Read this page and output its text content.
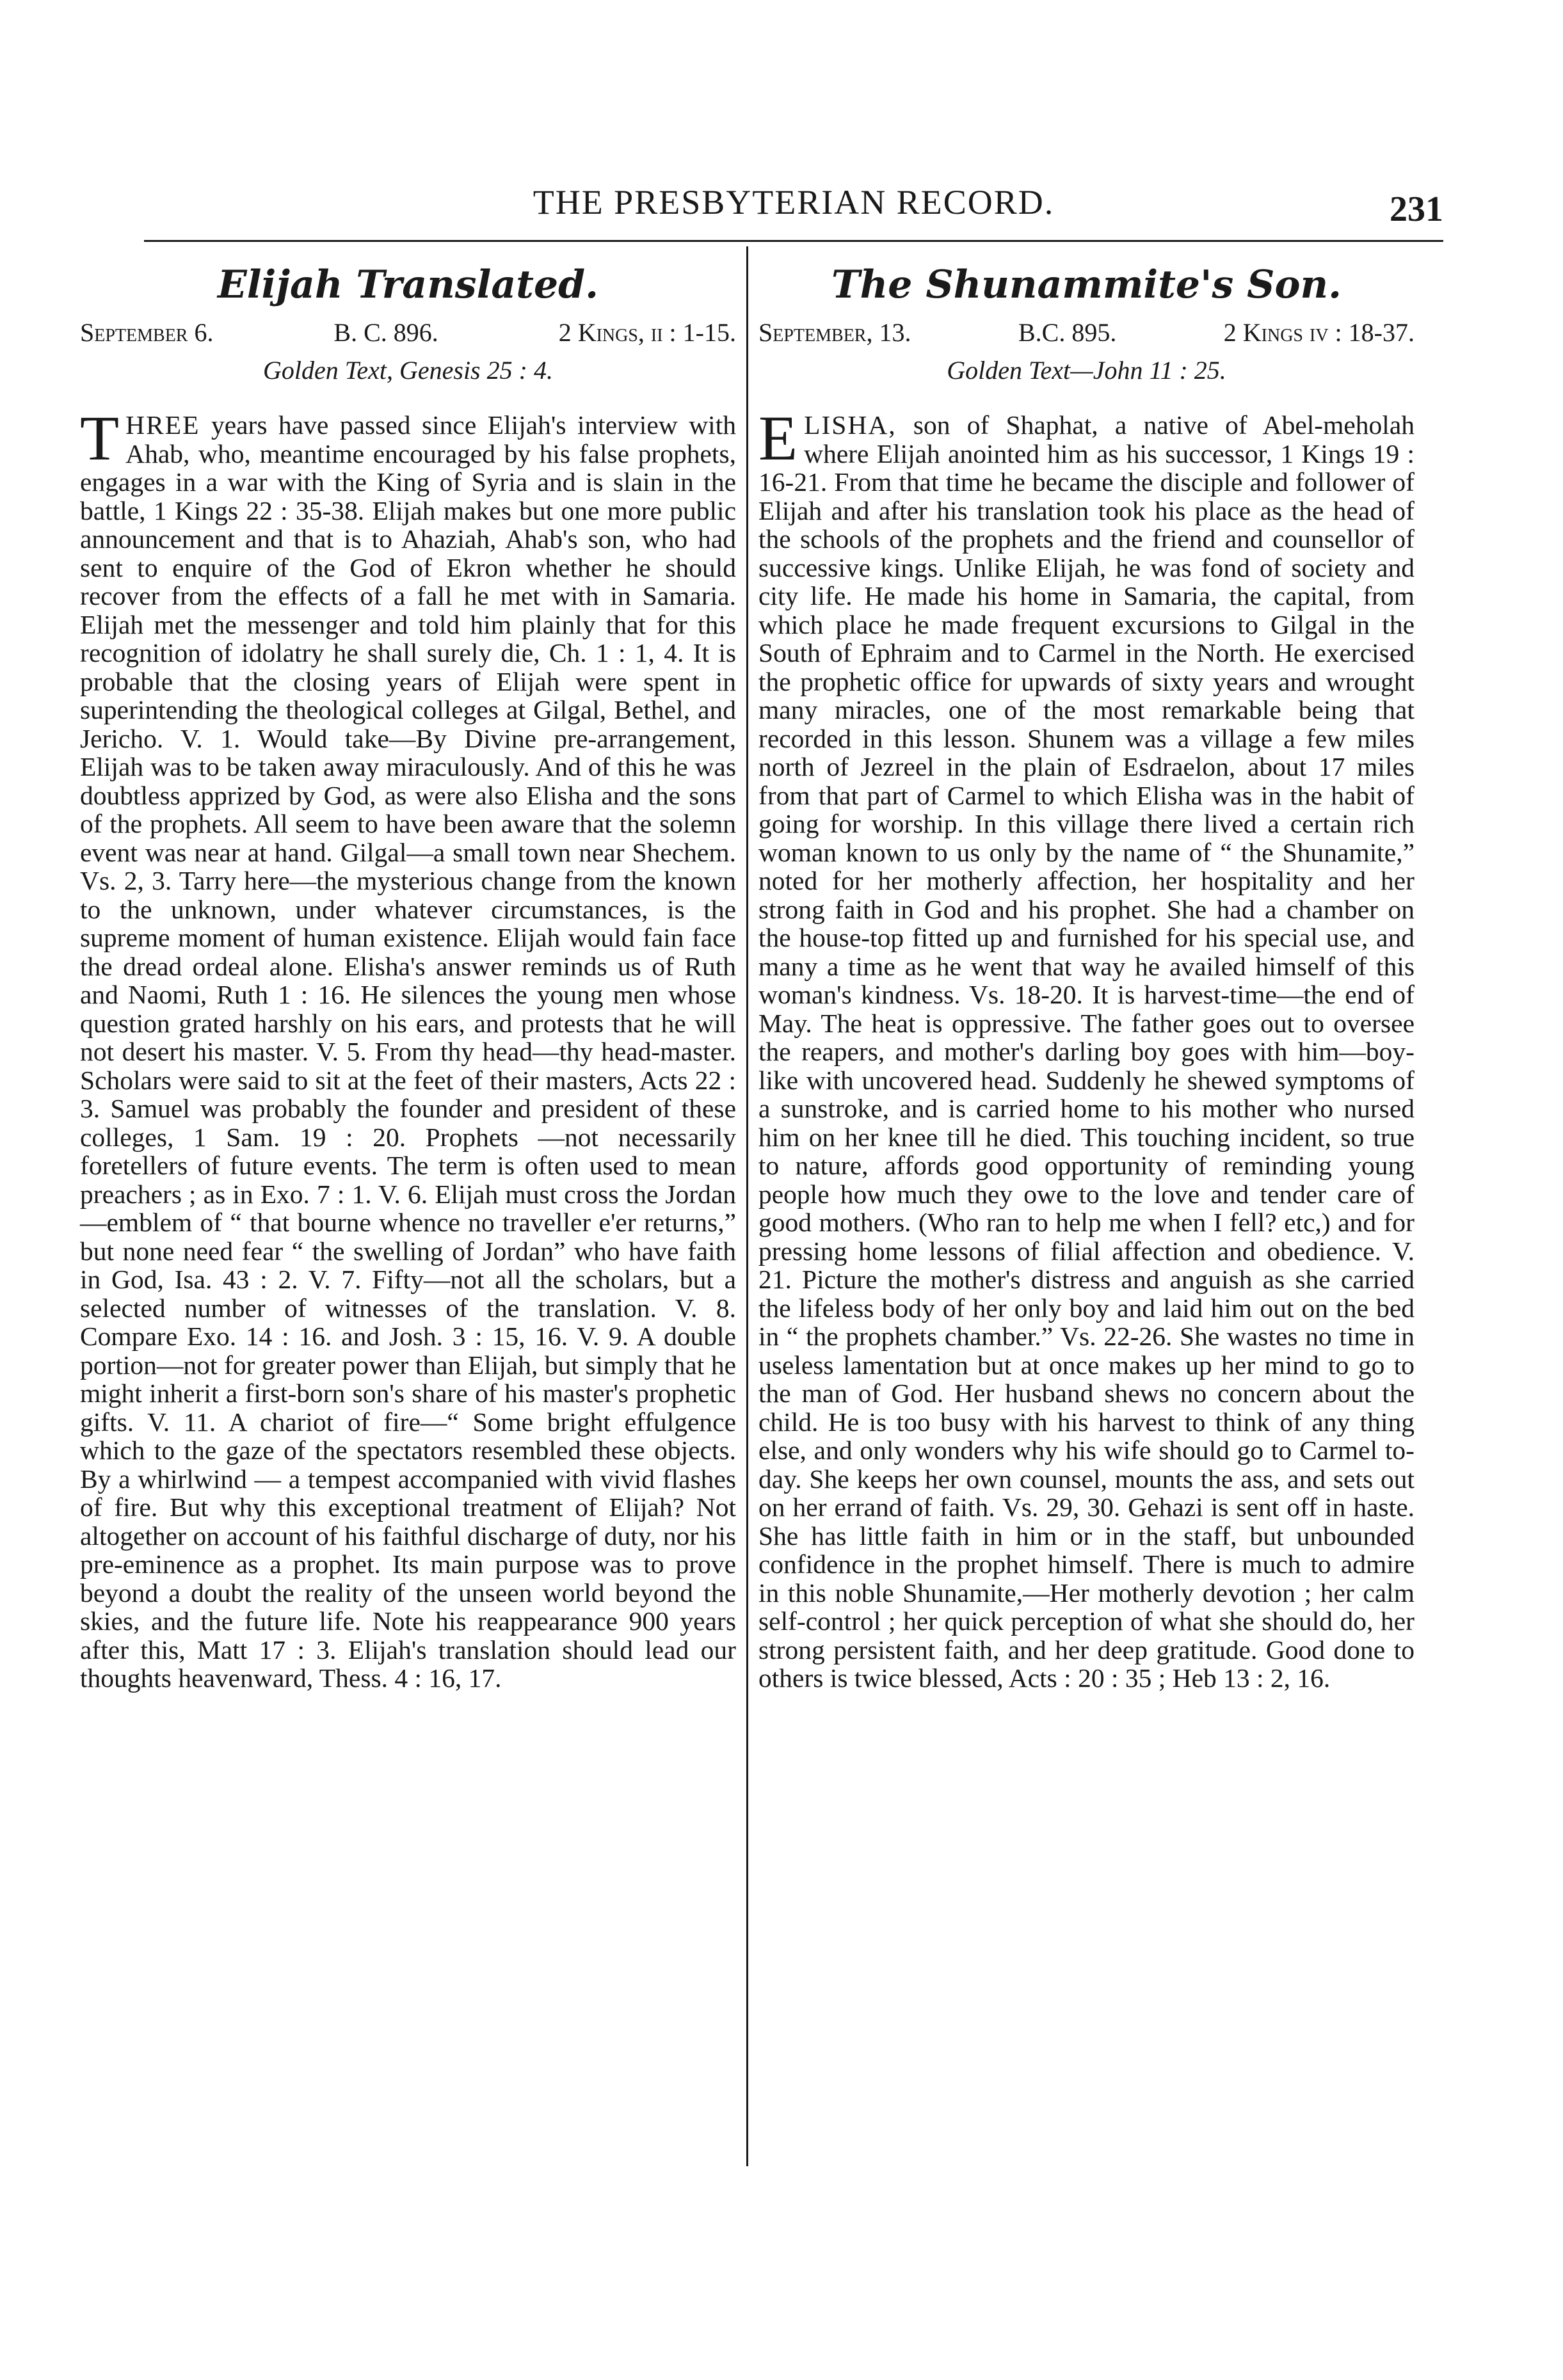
THE PRESBYTERIAN RECORD.	231
Elijah Translated.
September 6.	B. C. 896.	2 Kings, ii : 1-15.
Golden Text, Genesis 25 : 4.
THREE years have passed since Elijah's interview with Ahab, who, meantime encouraged by his false prophets, engages in a war with the King of Syria and is slain in the battle, 1 Kings 22 : 35-38. Elijah makes but one more public announcement and that is to Ahaziah, Ahab's son, who had sent to enquire of the God of Ekron whether he should recover from the effects of a fall he met with in Samaria. Elijah met the messenger and told him plainly that for this recognition of idolatry he shall surely die, Ch. 1 : 1, 4. It is probable that the closing years of Elijah were spent in superintending the theological colleges at Gilgal, Bethel, and Jericho. V. 1. Would take—By Divine pre-arrangement, Elijah was to be taken away miraculously. And of this he was doubtless apprized by God, as were also Elisha and the sons of the prophets. All seem to have been aware that the solemn event was near at hand. Gilgal—a small town near Shechem. Vs. 2, 3. Tarry here—the mysterious change from the known to the unknown, under whatever circumstances, is the supreme moment of human existence. Elijah would fain face the dread ordeal alone. Elisha's answer reminds us of Ruth and Naomi, Ruth 1 : 16. He silences the young men whose question grated harshly on his ears, and protests that he will not desert his master. V. 5. From thy head—thy head-master. Scholars were said to sit at the feet of their masters, Acts 22 : 3. Samuel was probably the founder and president of these colleges, 1 Sam. 19 : 20. Prophets —not necessarily foretellers of future events. The term is often used to mean preachers ; as in Exo. 7 : 1. V. 6. Elijah must cross the Jordan—emblem of “ that bourne whence no traveller e'er returns,” but none need fear “ the swelling of Jordan” who have faith in God, Isa. 43 : 2. V. 7. Fifty—not all the scholars, but a selected number of witnesses of the translation. V. 8. Compare Exo. 14 : 16. and Josh. 3 : 15, 16. V. 9. A double portion—not for greater power than Elijah, but simply that he might inherit a first-born son's share of his master's prophetic gifts. V. 11. A chariot of fire—“ Some bright effulgence which to the gaze of the spectators resembled these objects. By a whirlwind — a tempest accompanied with vivid flashes of fire. But why this exceptional treatment of Elijah? Not altogether on account of his faithful discharge of duty, nor his pre-eminence as a prophet. Its main purpose was to prove beyond a doubt the reality of the unseen world beyond the skies, and the future life. Note his reappearance 900 years after this, Matt 17 : 3. Elijah's translation should lead our thoughts heavenward, Thess. 4 : 16, 17.
The Shunammite's Son.
September, 13.	B.C. 895.	2 Kings iv : 18-37.
Golden Text—John 11 : 25.
ELISHA, son of Shaphat, a native of Abel-meholah where Elijah anointed him as his successor, 1 Kings 19 : 16-21. From that time he became the disciple and follower of Elijah and after his translation took his place as the head of the schools of the prophets and the friend and counsellor of successive kings. Unlike Elijah, he was fond of society and city life. He made his home in Samaria, the capital, from which place he made frequent excursions to Gilgal in the South of Ephraim and to Carmel in the North. He exercised the prophetic office for upwards of sixty years and wrought many miracles, one of the most remarkable being that recorded in this lesson. Shunem was a village a few miles north of Jezreel in the plain of Esdraelon, about 17 miles from that part of Carmel to which Elisha was in the habit of going for worship. In this village there lived a certain rich woman known to us only by the name of “ the Shunamite,” noted for her motherly affection, her hospitality and her strong faith in God and his prophet. She had a chamber on the house-top fitted up and furnished for his special use, and many a time as he went that way he availed himself of this woman's kindness. Vs. 18-20. It is harvest-time—the end of May. The heat is oppressive. The father goes out to oversee the reapers, and mother's darling boy goes with him—boy-like with uncovered head. Suddenly he shewed symptoms of a sunstroke, and is carried home to his mother who nursed him on her knee till he died. This touching incident, so true to nature, affords good opportunity of reminding young people how much they owe to the love and tender care of good mothers. (Who ran to help me when I fell? etc,) and for pressing home lessons of filial affection and obedience. V. 21. Picture the mother's distress and anguish as she carried the lifeless body of her only boy and laid him out on the bed in “ the prophets chamber.” Vs. 22-26. She wastes no time in useless lamentation but at once makes up her mind to go to the man of God. Her husband shews no concern about the child. He is too busy with his harvest to think of any thing else, and only wonders why his wife should go to Carmel to-day. She keeps her own counsel, mounts the ass, and sets out on her errand of faith. Vs. 29, 30. Gehazi is sent off in haste. She has little faith in him or in the staff, but unbounded confidence in the prophet himself. There is much to admire in this noble Shunamite,—Her motherly devotion ; her calm self-control ; her quick perception of what she should do, her strong persistent faith, and her deep gratitude. Good done to others is twice blessed, Acts : 20 : 35 ; Heb 13 : 2, 16.
